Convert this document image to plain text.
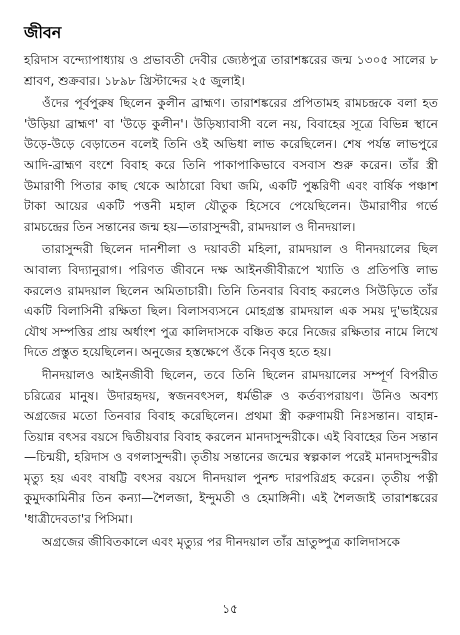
জীবন

হরিদাস বন্দ্যোপাধ্যায় ও প্রভাবতী দেবীর জ্যেষ্ঠপুত্র তারাশঙ্করের জন্ম ১৩০৫ সালের ৮ শ্রাবণ, শুক্রবার। ১৮৯৮ খ্রিস্টাব্দের ২৫ জুলাই।

ওঁদের পূর্বপুরুষ ছিলেন কুলীন ব্রাহ্মণ। তারাশঙ্করের প্রপিতামহ রামচন্দ্রকে বলা হত 'উড়িয়া ব্রাহ্মণ' বা 'উড়ে কুলীন'। উড়িষ্যাবাসী বলে নয়, বিবাহের সূত্রে বিভিন্ন স্থানে উড়ে-উড়ে বেড়াতেন বলেই তিনি ওই অভিধা লাভ করেছিলেন। শেষ পর্যন্ত লাভপুরে আদি-ব্রাহ্মণ বংশে বিবাহ করে তিনি পাকাপাকিভাবে বসবাস শুরু করেন। তাঁর স্ত্রী উমারাণী পিতার কাছ থেকে আঠারো বিঘা জমি, একটি পুষ্করিণী এবং বার্ষিক পঞ্চাশ টাকা আয়ের একটি পত্তনী মহাল যৌতুক হিসেবে পেয়েছিলেন। উমারাণীর গর্ভে রামচন্দ্রের তিন সন্তানের জন্ম হয়—তারাসুন্দরী, রামদয়াল ও দীনদয়াল।

তারাসুন্দরী ছিলেন দানশীলা ও দয়াবতী মহিলা, রামদয়াল ও দীনদয়ালের ছিল আবাল্য বিদ্যানুরাগ। পরিণত জীবনে দক্ষ আইনজীবীরূপে খ্যাতি ও প্রতিপত্তি লাভ করলেও রামদয়াল ছিলেন অমিতাচারী। তিনি তিনবার বিবাহ করলেও সিউড়িতে তাঁর একটি বিলাসিনী রক্ষিতা ছিল। বিলাসব্যসনে মোহগ্রস্ত রামদয়াল এক সময় দু'ভাইয়ের যৌথ সম্পত্তির প্রায় অর্ধাংশ পুত্র কালিদাসকে বঞ্চিত করে নিজের রক্ষিতার নামে লিখে দিতে প্রস্তুত হয়েছিলেন। অনুজের হস্তক্ষেপে ওঁকে নিবৃত্ত হতে হয়।

দীনদয়ালও আইনজীবী ছিলেন, তবে তিনি ছিলেন রামদয়ালের সম্পূর্ণ বিপরীত চরিত্রের মানুষ। উদারহৃদয়, স্বজনবৎসল, ধর্মভীরু ও কর্তব্যপরায়ণ। উনিও অবশ্য অগ্রজের মতো তিনবার বিবাহ করেছিলেন। প্রথমা স্ত্রী করুণাময়ী নিঃসন্তান। বাহান্ন-তিয়ান্ন বৎসর বয়সে দ্বিতীয়বার বিবাহ করলেন মানদাসুন্দরীকে। এই বিবাহের তিন সন্তান—চিন্ময়ী, হরিদাস ও বগলাসুন্দরী। তৃতীয় সন্তানের জন্মের স্বল্পকাল পরেই মানদাসুন্দরীর মৃত্যু হয় এবং বাষট্টি বৎসর বয়সে দীনদয়াল পুনশ্চ দারপরিগ্রহ করেন। তৃতীয় পত্নী কুমুদকামিনীর তিন কন্যা—শৈলজা, ইন্দুমতী ও হেমাঙ্গিনী। এই শৈলজাই তারাশঙ্করের 'ধাত্রীদেবতা'র পিসিমা।

অগ্রজের জীবিতকালে এবং মৃত্যুর পর দীনদয়াল তাঁর ভ্রাতুষ্পুত্র কালিদাসকে

১৫
